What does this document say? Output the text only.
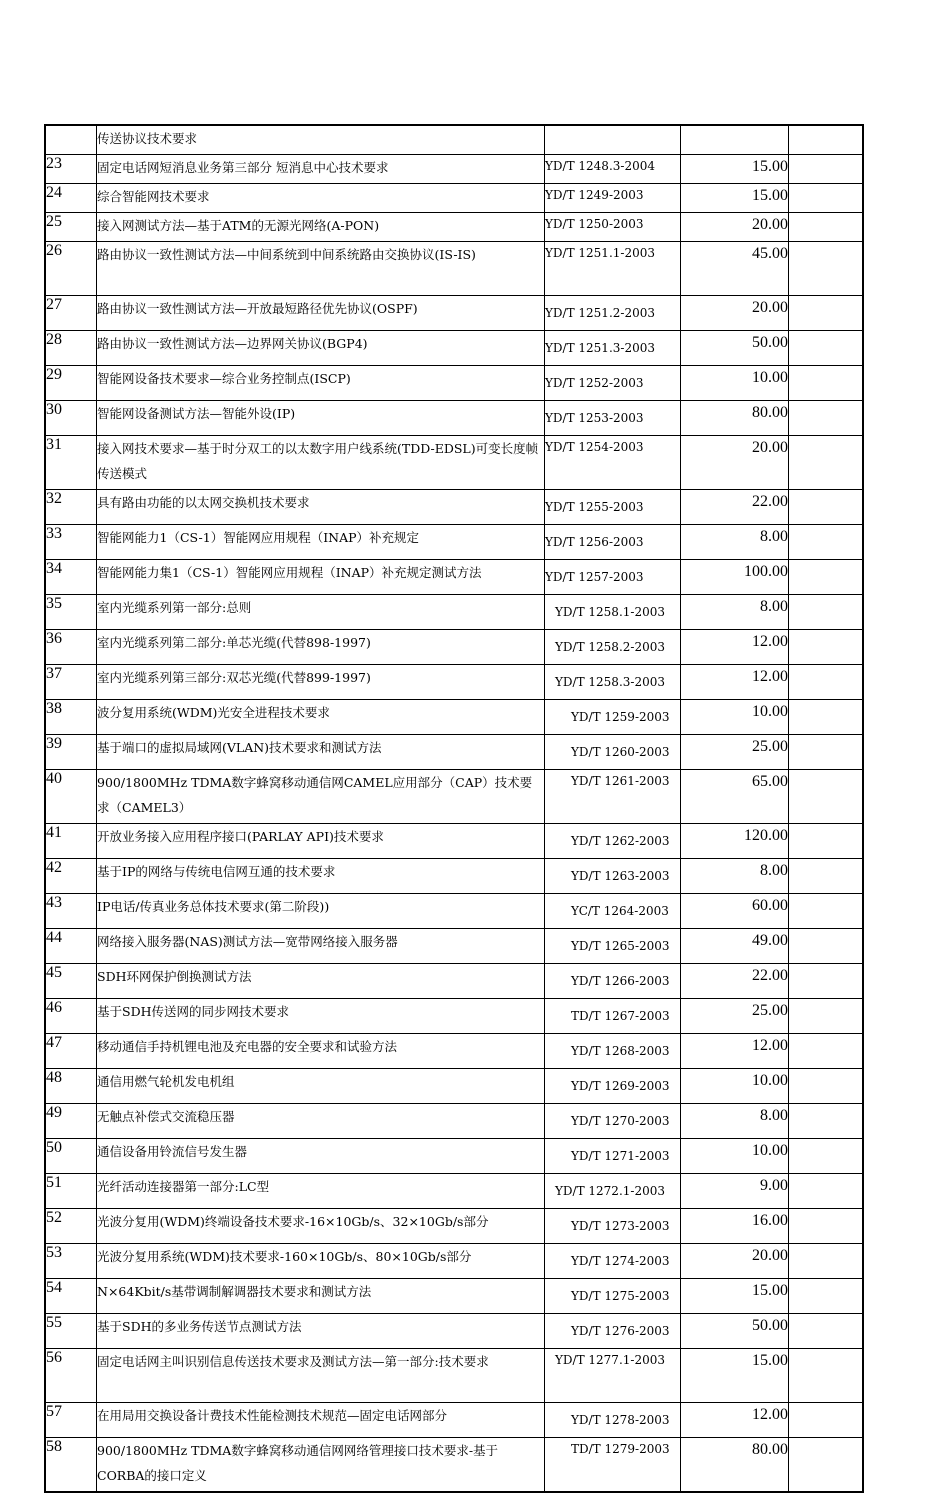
	传送协议技术要求			
23	固定电话网短消息业务第三部分 短消息中心技术要求	YD/T 1248.3-2004	15.00	
24	综合智能网技术要求	YD/T 1249-2003	15.00	
25	接入网测试方法—基于ATM的无源光网络(A-PON)	YD/T 1250-2003	20.00	
26	路由协议一致性测试方法—中间系统到中间系统路由交换协议(IS-IS)	YD/T 1251.1-2003	45.00	
27	路由协议一致性测试方法—开放最短路径优先协议(OSPF)	YD/T 1251.2-2003	20.00	
28	路由协议一致性测试方法—边界网关协议(BGP4)	YD/T 1251.3-2003	50.00	
29	智能网设备技术要求—综合业务控制点(ISCP)	YD/T 1252-2003	10.00	
30	智能网设备测试方法—智能外设(IP)	YD/T 1253-2003	80.00	
31	接入网技术要求—基于时分双工的以太数字用户线系统(TDD-EDSL)可变长度帧传送模式	YD/T 1254-2003	20.00	
32	具有路由功能的以太网交换机技术要求	YD/T 1255-2003	22.00	
33	智能网能力1（CS-1）智能网应用规程（INAP）补充规定	YD/T 1256-2003	8.00	
34	智能网能力集1（CS-1）智能网应用规程（INAP）补充规定测试方法	YD/T 1257-2003	100.00	
35	室内光缆系列第一部分:总则	YD/T 1258.1-2003	8.00	
36	室内光缆系列第二部分:单芯光缆(代替898-1997)	YD/T 1258.2-2003	12.00	
37	室内光缆系列第三部分:双芯光缆(代替899-1997)	YD/T 1258.3-2003	12.00	
38	波分复用系统(WDM)光安全进程技术要求	YD/T 1259-2003	10.00	
39	基于端口的虚拟局域网(VLAN)技术要求和测试方法	YD/T 1260-2003	25.00	
40	900/1800MHz TDMA数字蜂窝移动通信网CAMEL应用部分（CAP）技术要求（CAMEL3）	YD/T 1261-2003	65.00	
41	开放业务接入应用程序接口(PARLAY API)技术要求	YD/T 1262-2003	120.00	
42	基于IP的网络与传统电信网互通的技术要求	YD/T 1263-2003	8.00	
43	IP电话/传真业务总体技术要求(第二阶段))	YC/T 1264-2003	60.00	
44	网络接入服务器(NAS)测试方法—宽带网络接入服务器	YD/T 1265-2003	49.00	
45	SDH环网保护倒换测试方法	YD/T 1266-2003	22.00	
46	基于SDH传送网的同步网技术要求	TD/T 1267-2003	25.00	
47	移动通信手持机锂电池及充电器的安全要求和试验方法	YD/T 1268-2003	12.00	
48	通信用燃气轮机发电机组	YD/T 1269-2003	10.00	
49	无触点补偿式交流稳压器	YD/T 1270-2003	8.00	
50	通信设备用铃流信号发生器	YD/T 1271-2003	10.00	
51	光纤活动连接器第一部分:LC型	YD/T 1272.1-2003	9.00	
52	光波分复用(WDM)终端设备技术要求-16×10Gb/s、32×10Gb/s部分	YD/T 1273-2003	16.00	
53	光波分复用系统(WDM)技术要求-160×10Gb/s、80×10Gb/s部分	YD/T 1274-2003	20.00	
54	N×64Kbit/s基带调制解调器技术要求和测试方法	YD/T 1275-2003	15.00	
55	基于SDH的多业务传送节点测试方法	YD/T 1276-2003	50.00	
56	固定电话网主叫识别信息传送技术要求及测试方法—第一部分:技术要求	YD/T 1277.1-2003	15.00	
57	在用局用交换设备计费技术性能检测技术规范—固定电话网部分	YD/T 1278-2003	12.00	
58	900/1800MHz TDMA数字蜂窝移动通信网网络管理接口技术要求-基于CORBA的接口定义	TD/T 1279-2003	80.00	
